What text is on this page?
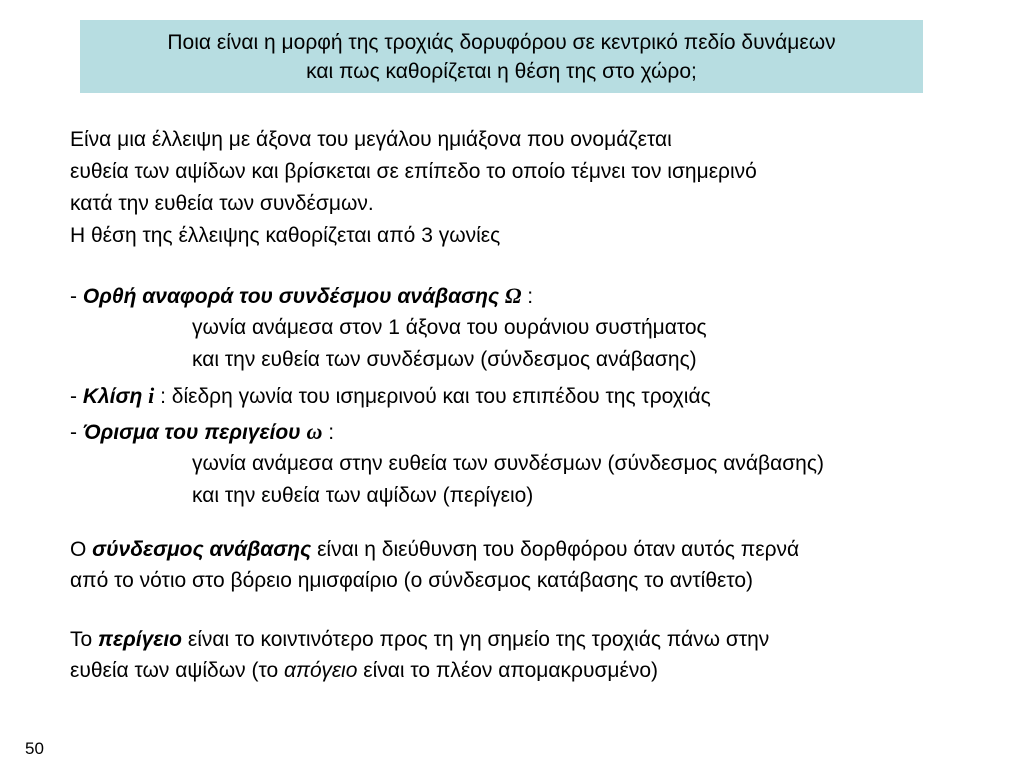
Ποια είναι η μορφή της τροχιάς δορυφόρου σε κεντρικό πεδίο δυνάμεων
και πως καθορίζεται η θέση της στο χώρο;
Είνα μια έλλειψη με άξονα του μεγάλου ημιάξονα που ονομάζεται
ευθεία των αψίδων και βρίσκεται σε επίπεδο το οποίο τέμνει τον ισημερινό
κατά την ευθεία των συνδέσμων.
Η θέση της έλλειψης καθορίζεται από 3 γωνίες
- Ορθή αναφορά του συνδέσμου ανάβασης Ω :
γωνία ανάμεσα στον 1 άξονα του ουράνιου συστήματος
και την ευθεία των συνδέσμων (σύνδεσμος ανάβασης)
- Κλίση i : δίεδρη γωνία του ισημερινού και του επιπέδου της τροχιάς
- Όρισμα του περιγείου ω :
γωνία ανάμεσα στην ευθεία των συνδέσμων (σύνδεσμος ανάβασης)
και την ευθεία των αψίδων (περίγειο)
Ο σύνδεσμος ανάβασης είναι η διεύθυνση του δορθφόρου όταν αυτός περνά
από το νότιο στο βόρειο ημισφαίριο (ο σύνδεσμος κατάβασης το αντίθετο)
Το περίγειο είναι το κοιντινότερο προς τη γη σημείο της τροχιάς πάνω στην
ευθεία των αψίδων (το απόγειο είναι το πλέον απομακρυσμένο)
50
